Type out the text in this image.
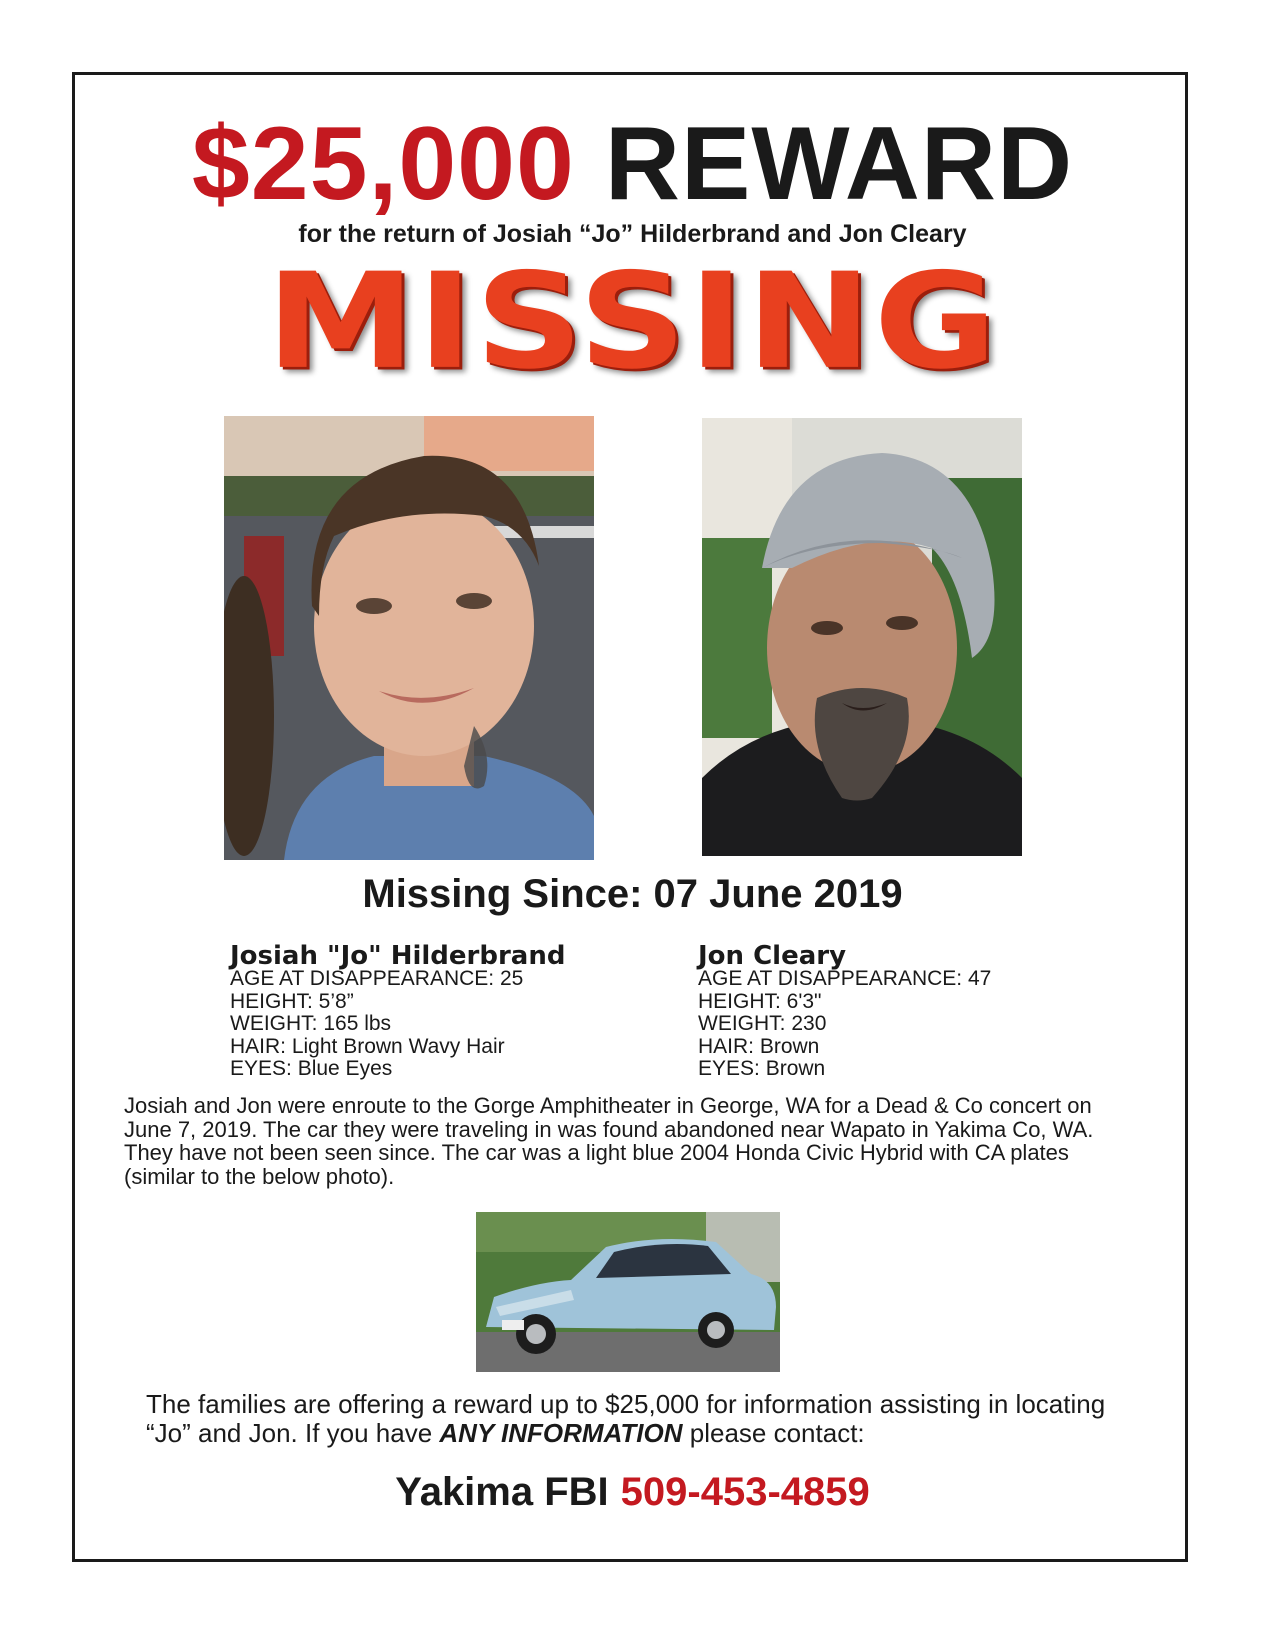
$25,000 REWARD
for the return of Josiah “Jo” Hilderbrand and Jon Cleary
MISSING
Missing Since: 07 June 2019
Josiah "Jo" Hilderbrand
AGE AT DISAPPEARANCE: 25
HEIGHT: 5’8”
WEIGHT: 165 lbs
HAIR: Light Brown Wavy Hair
EYES: Blue Eyes
Jon Cleary
AGE AT DISAPPEARANCE: 47
HEIGHT: 6'3"
WEIGHT: 230
HAIR: Brown
EYES: Brown
Josiah and Jon were enroute to the Gorge Amphitheater in George, WA for a Dead & Co concert on June 7, 2019. The car they were traveling in was found abandoned near Wapato in Yakima Co, WA. They have not been seen since. The car was a light blue 2004 Honda Civic Hybrid with CA plates (similar to the below photo).
The families are offering a reward up to $25,000 for information assisting in locating “Jo” and Jon. If you have ANY INFORMATION please contact:
Yakima FBI 509-453-4859
